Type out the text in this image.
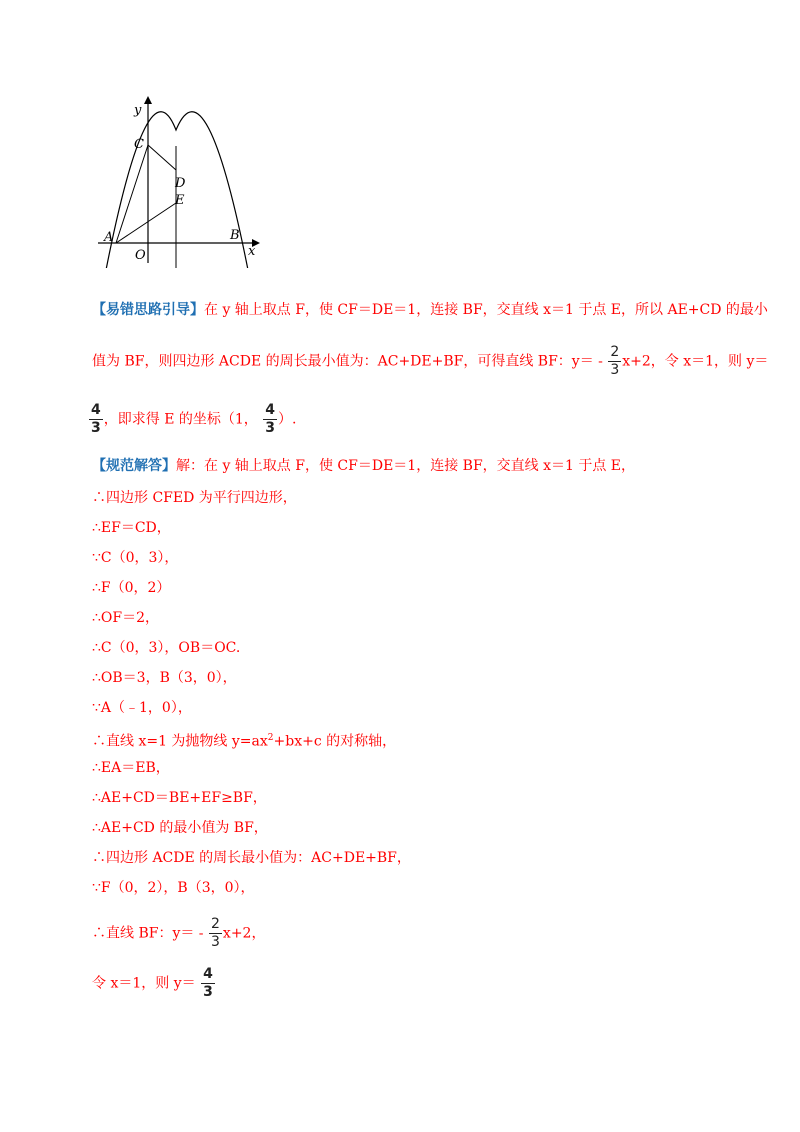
y
x
C
D
E
A
O
B
【易错思路引导】在 y 轴上取点 F，使 CF＝DE＝1，连接 BF，交直线 x＝1 于点 E，所以 AE+CD 的最小
值为 BF，则四边形 ACDE 的周长最小值为：AC+DE+BF，可得直线 BF：$y= - \frac{2}{3} x+2$，令 x＝1，则 y＝
$\frac{4}{3}$ ，即求得 E 的坐标（1， $\frac{4}{3}$ ）.
【规范解答】解：在 y 轴上取点 F，使 CF＝DE＝1，连接 BF，交直线 x＝1 于点 E，
∴四边形 CFED 为平行四边形，
∴EF＝CD，
∵C（0，3），
∴F（0，2）
∴OF＝2，
∴C（0，3），OB＝OC.
∴OB＝3，B（3，0），
∵A（﹣1，0），
∴直线 x=1 为抛物线 $y=ax^2+bx+c$ 的对称轴，
∴EA＝EB，
∴AE+CD＝BE+EF≥BF，
∴AE+CD 的最小值为 BF，
∴四边形 ACDE 的周长最小值为：AC+DE+BF，
∵F（0，2），B（3，0），
∴直线 BF：$y= - \frac{2}{3} x+2$，
令 x＝1，则 $y= \frac{4}{3}$
